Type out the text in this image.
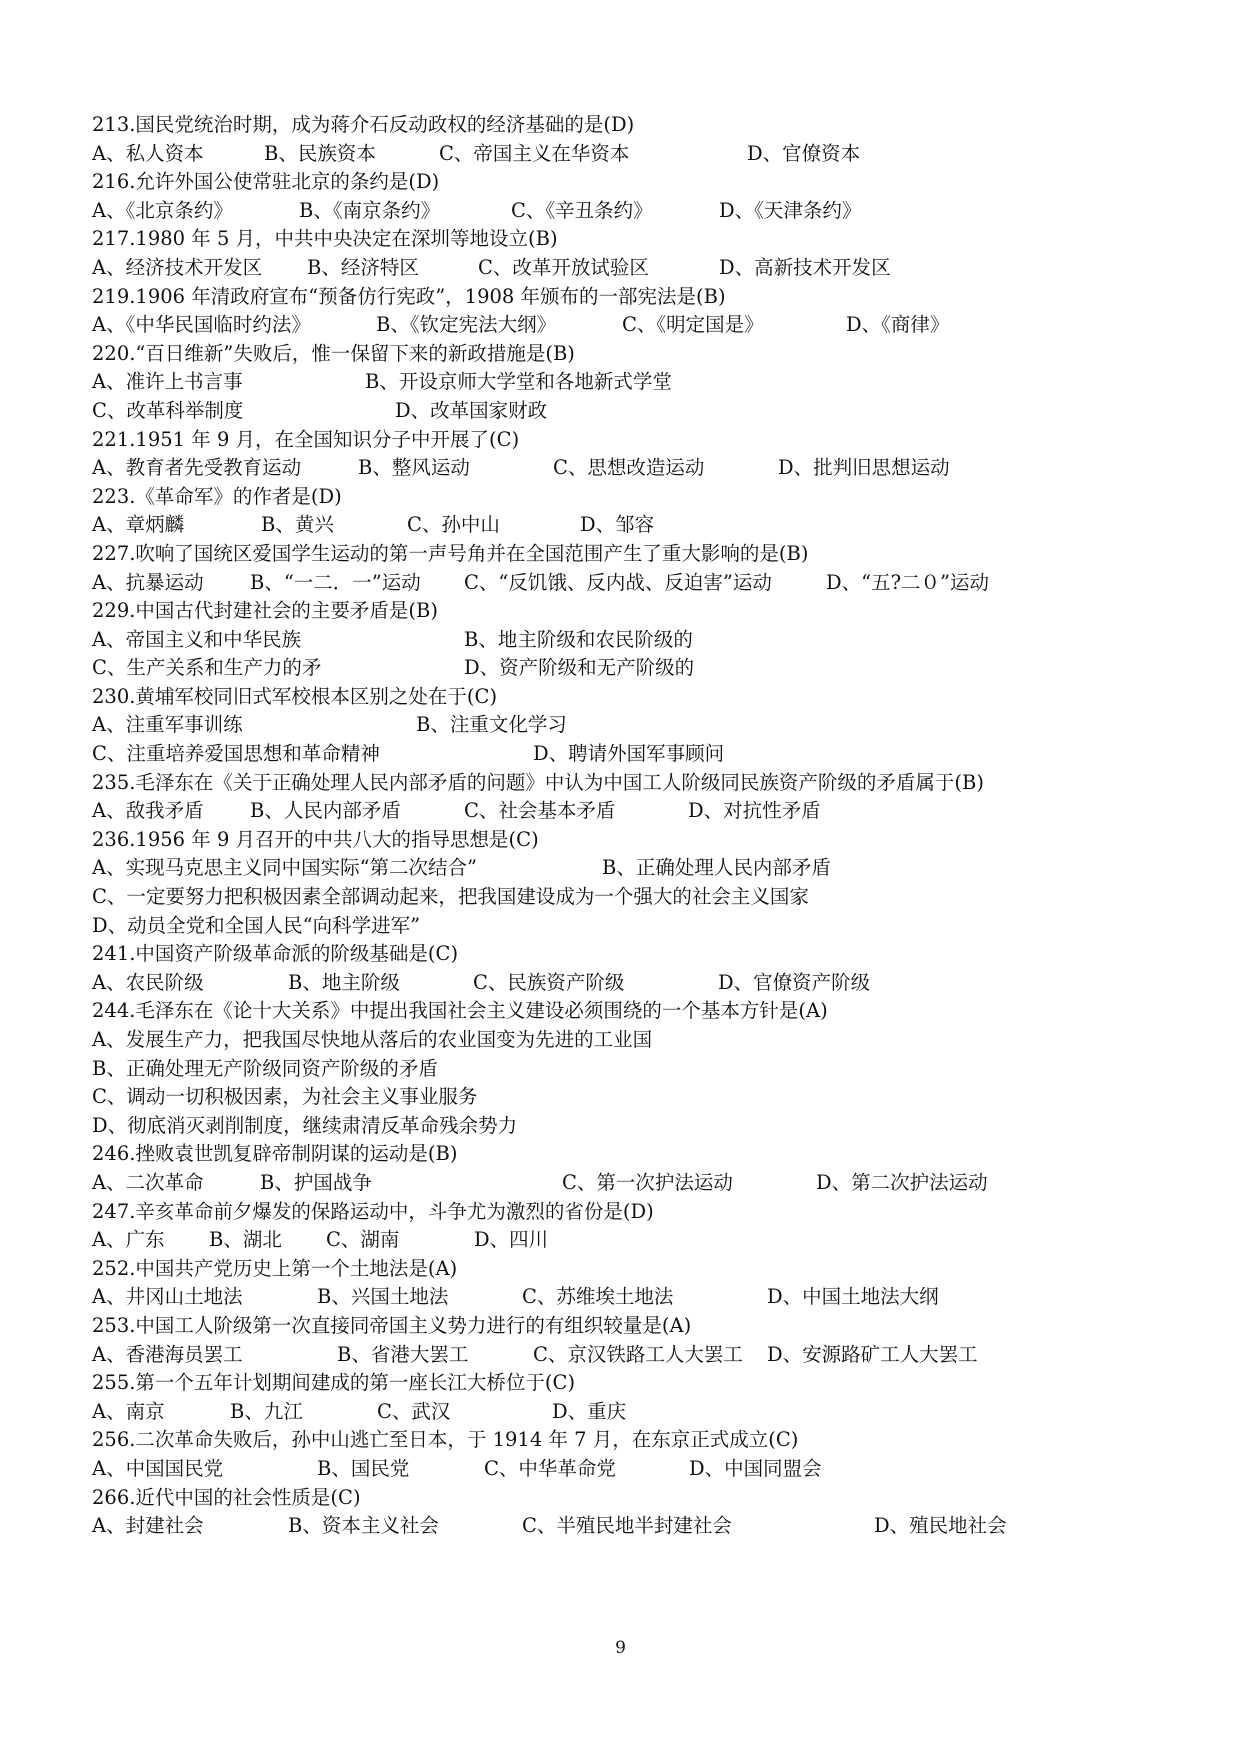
213.国民党统治时期，成为蒋介石反动政权的经济基础的是(D)
A、私人资本	B、民族资本	C、帝国主义在华资本	D、官僚资本
216.允许外国公使常驻北京的条约是(D)
A、《北京条约》	B、《南京条约》	C、《辛丑条约》	D、《天津条约》
217.1980 年 5 月，中共中央决定在深圳等地设立(B)
A、经济技术开发区 B、经济特区	C、改革开放试验区	D、高新技术开发区
219.1906 年清政府宣布“预备仿行宪政”，1908 年颁布的一部宪法是(B)
A、《中华民国临时约法》	B、《钦定宪法大纲》	C、《明定国是》	D、《商律》
220.“百日维新”失败后，惟一保留下来的新政措施是(B)
A、准许上书言事	B、开设京师大学堂和各地新式学堂
C、改革科举制度	D、改革国家财政
221.1951 年 9 月，在全国知识分子中开展了(C)
A、教育者先受教育运动	B、整风运动	C、思想改造运动	D、批判旧思想运动
223.《革命军》的作者是(D)
A、章炳麟	B、黄兴	C、孙中山	D、邹容
227.吹响了国统区爱国学生运动的第一声号角并在全国范围产生了重大影响的是(B)
A、抗暴运动 B、“一二．一”运动 C、“反饥饿、反内战、反迫害”运动	D、“五?二０”运动
229.中国古代封建社会的主要矛盾是(B)
A、帝国主义和中华民族	B、地主阶级和农民阶级的
C、生产关系和生产力的矛	D、资产阶级和无产阶级的
230.黄埔军校同旧式军校根本区别之处在于(C)
A、注重军事训练	B、注重文化学习
C、注重培养爱国思想和革命精神	D、聘请外国军事顾问
235.毛泽东在《关于正确处理人民内部矛盾的问题》中认为中国工人阶级同民族资产阶级的矛盾属于(B)
A、敌我矛盾 B、人民内部矛盾	C、社会基本矛盾	D、对抗性矛盾
236.1956 年 9 月召开的中共八大的指导思想是(C)
A、实现马克思主义同中国实际“第二次结合”	B、正确处理人民内部矛盾
C、一定要努力把积极因素全部调动起来，把我国建设成为一个强大的社会主义国家
D、动员全党和全国人民“向科学进军”
241.中国资产阶级革命派的阶级基础是(C)
A、农民阶级	B、地主阶级	C、民族资产阶级	D、官僚资产阶级
244.毛泽东在《论十大关系》中提出我国社会主义建设必须围绕的一个基本方针是(A)
A、发展生产力，把我国尽快地从落后的农业国变为先进的工业国
B、正确处理无产阶级同资产阶级的矛盾
C、调动一切积极因素，为社会主义事业服务
D、彻底消灭剥削制度，继续肃清反革命残余势力
246.挫败袁世凯复辟帝制阴谋的运动是(B)
A、二次革命	B、护国战争	C、第一次护法运动	D、第二次护法运动
247.辛亥革命前夕爆发的保路运动中，斗争尤为激烈的省份是(D)
A、广东 B、湖北 C、湖南	D、四川
252.中国共产党历史上第一个土地法是(A)
A、井冈山土地法	B、兴国土地法	C、苏维埃土地法	D、中国土地法大纲
253.中国工人阶级第一次直接同帝国主义势力进行的有组织较量是(A)
A、香港海员罢工	B、省港大罢工	C、京汉铁路工人大罢工 D、安源路矿工人大罢工
255.第一个五年计划期间建成的第一座长江大桥位于(C)
A、南京	B、九江	C、武汉	D、重庆
256.二次革命失败后，孙中山逃亡至日本，于 1914 年 7 月，在东京正式成立(C)
A、中国国民党	B、国民党	C、中华革命党	D、中国同盟会
266.近代中国的社会性质是(C)
A、封建社会	B、资本主义社会	C、半殖民地半封建社会	D、殖民地社会
9
